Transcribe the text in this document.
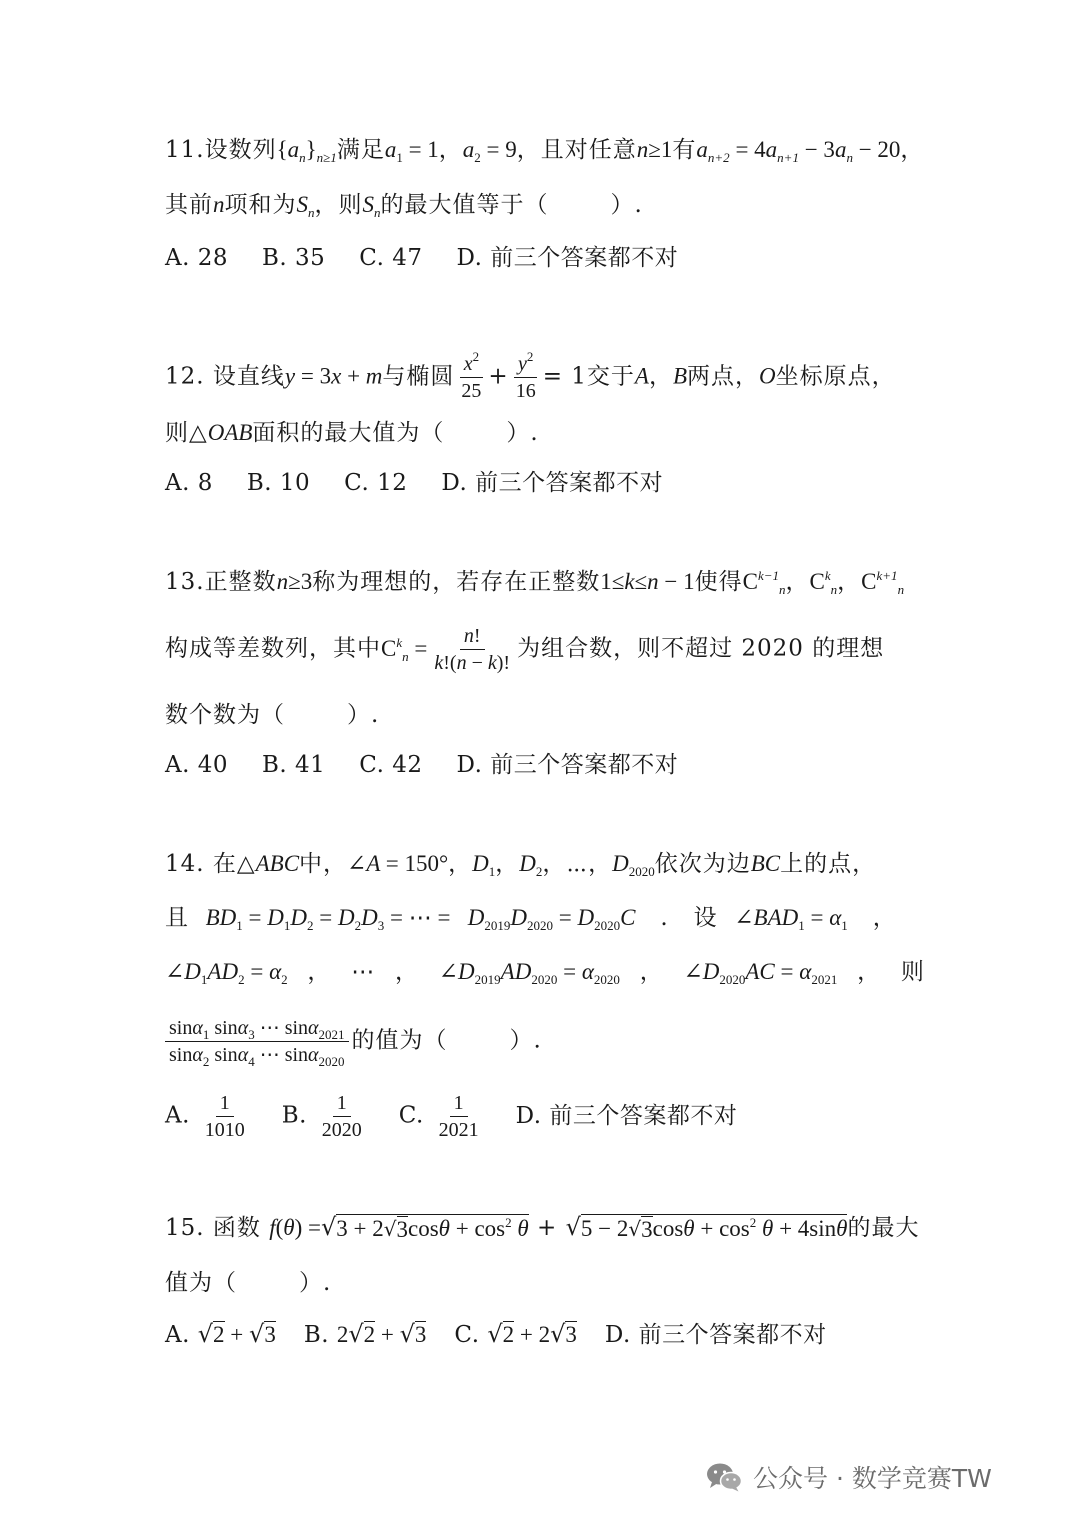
11.设数列$\{a_n\}_{n\ge 1}$满足$a_1 = 1$，$a_2 = 9$，且对任意n≥1有$a_{n+2} = 4a_{n+1} - 3a_n - 20$，
其前n项和为$S_n$，则$S_n$的最大值等于（	）.
A. 28 B. 35 C. 47 D. 前三个答案都不对
12. 设直线y = 3x + m与椭圆 $\frac{x^2}{25} + \frac{y^2}{16} = 1$交于A，B两点，O坐标原点，
则△OAB面积的最大值为（	）.
A. 8 B. 10 C. 12 D. 前三个答案都不对
13.正整数n≥3称为理想的，若存在正整数1≤k≤n − 1使得$C^{k-1}_n$，$C^k_n$，$C^{k+1}_n$
构成等差数列，其中$C^k_n = \frac{n!}{k!(n - k)!}$ 为组合数，则不超过 2020 的理想
数个数为（	）.
A. 40 B. 41 C. 42 D. 前三个答案都不对
14. 在△ABC中，∠A = 150°，$D_1$，$D_2$，⋯，$D_{2020}$依次为边BC上的点，
且 $BD_1 = D_1D_2 = D_2D_3$ = ⋯ =   $D_{2019}D_{2020} = D_{2020}C$   .   设 $\angle BAD_1 = \alpha_1$   ，
$\angle D_1AD_2 = \alpha_2$ ， ⋯ ， $\angle D_{2019}AD_{2020} = \alpha_{2020}$ ， $\angle D_{2020}AC = \alpha_{2021}$ ， 则
$\frac{\sin\alpha_1 \sin\alpha_3 \cdots \sin\alpha_{2021}}{\sin\alpha_2 \sin\alpha_4 \cdots \sin\alpha_{2020}}$ 的值为（	）.
A. $\frac{1}{1010} B$. $\frac{1}{2020} C$. $\frac{1}{2021} D$. 前三个答案都不对
15. 函数 f(θ) = √ 3 + 2 √ 3 $\cos\theta + \cos^2 \theta$ + √ 5 − 2 √ 3 $\cos\theta + \cos^2 \theta + 4\sin\theta$ 的最大
值为（	）.
A. √ 2 + √ 3 B. 2 √ 2 + √ 3 C. √ 2 + 2 √ 3 D. 前三个答案都不对
公众号 · 数学竞赛TW
